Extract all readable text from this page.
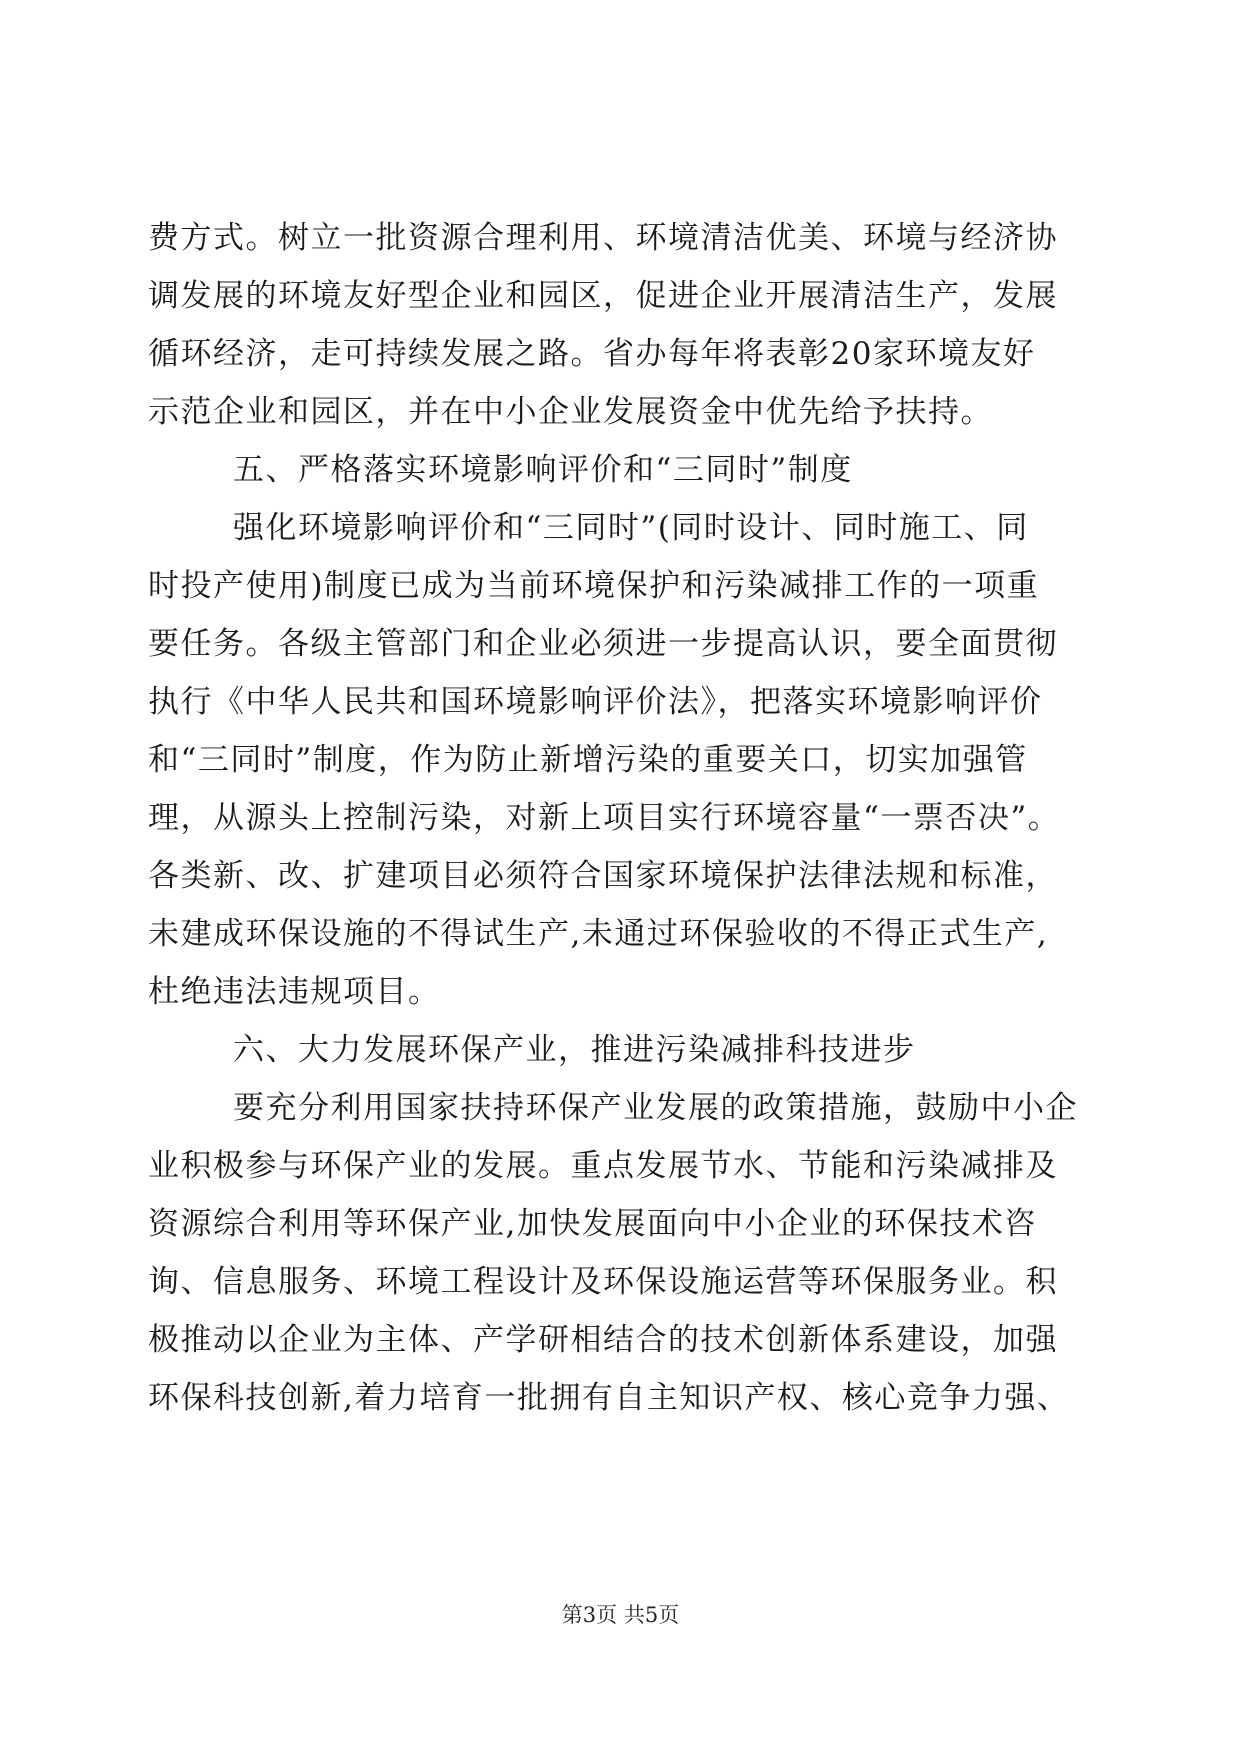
费方式。树立一批资源合理利用、环境清洁优美、环境与经济协
调发展的环境友好型企业和园区，促进企业开展清洁生产，发展
循环经济，走可持续发展之路。省办每年将表彰20家环境友好
示范企业和园区，并在中小企业发展资金中优先给予扶持。
五、严格落实环境影响评价和“三同时”制度
强化环境影响评价和“三同时”(同时设计、同时施工、同
时投产使用)制度已成为当前环境保护和污染减排工作的一项重
要任务。各级主管部门和企业必须进一步提高认识，要全面贯彻
执行《中华人民共和国环境影响评价法》，把落实环境影响评价
和“三同时”制度，作为防止新增污染的重要关口，切实加强管
理，从源头上控制污染，对新上项目实行环境容量“一票否决”。
各类新、改、扩建项目必须符合国家环境保护法律法规和标准，
未建成环保设施的不得试生产,未通过环保验收的不得正式生产,
杜绝违法违规项目。
六、大力发展环保产业，推进污染减排科技进步
要充分利用国家扶持环保产业发展的政策措施，鼓励中小企
业积极参与环保产业的发展。重点发展节水、节能和污染减排及
资源综合利用等环保产业,加快发展面向中小企业的环保技术咨
询、信息服务、环境工程设计及环保设施运营等环保服务业。积
极推动以企业为主体、产学研相结合的技术创新体系建设，加强
环保科技创新,着力培育一批拥有自主知识产权、核心竞争力强、
第3页 共5页
